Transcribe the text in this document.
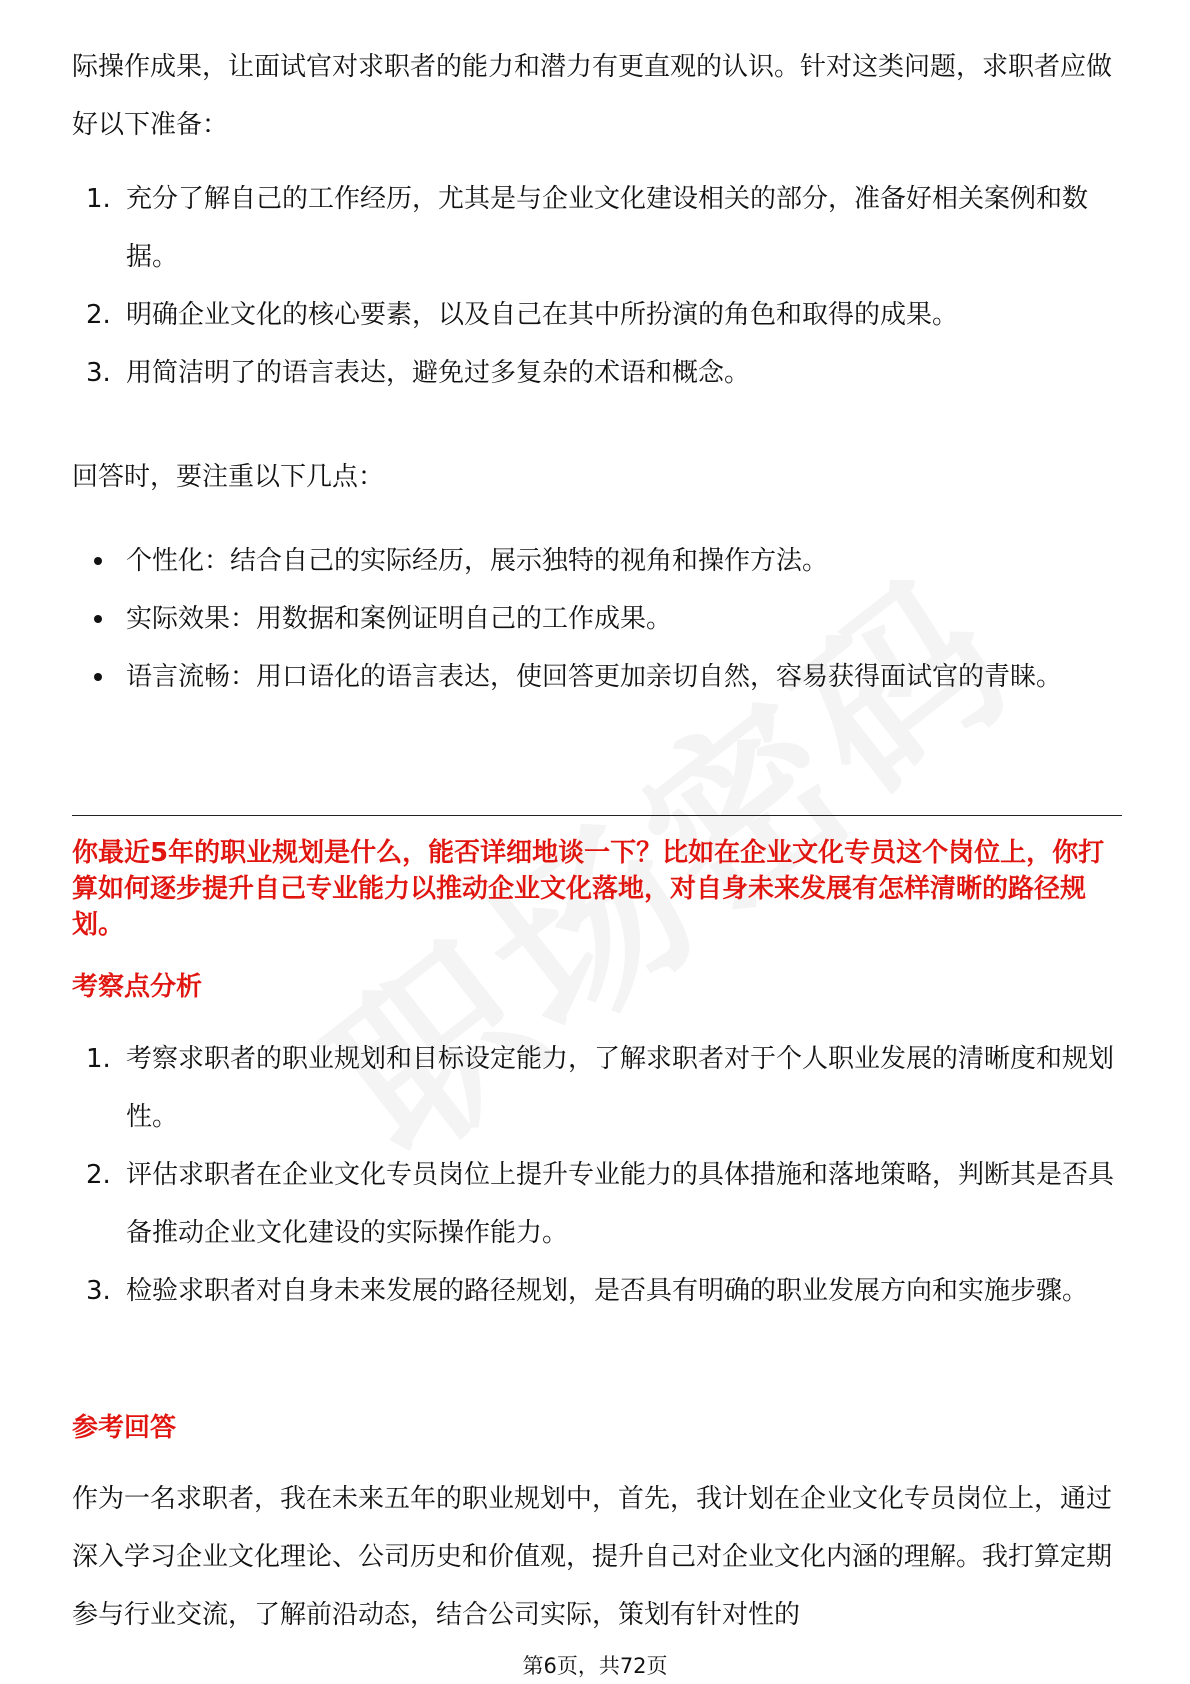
际操作成果，让面试官对求职者的能力和潜力有更直观的认识。针对这类问题，求职者应做好以下准备：

1. 充分了解自己的工作经历，尤其是与企业文化建设相关的部分，准备好相关案例和数据。
2. 明确企业文化的核心要素，以及自己在其中所扮演的角色和取得的成果。
3. 用简洁明了的语言表达，避免过多复杂的术语和概念。

回答时，要注重以下几点：

个性化：结合自己的实际经历，展示独特的视角和操作方法。
实际效果：用数据和案例证明自己的工作成果。
语言流畅：用口语化的语言表达，使回答更加亲切自然，容易获得面试官的青睐。

你最近5年的职业规划是什么，能否详细地谈一下？比如在企业文化专员这个岗位上，你打算如何逐步提升自己专业能力以推动企业文化落地，对自身未来发展有怎样清晰的路径规划。

考察点分析

1. 考察求职者的职业规划和目标设定能力，了解求职者对于个人职业发展的清晰度和规划性。
2. 评估求职者在企业文化专员岗位上提升专业能力的具体措施和落地策略，判断其是否具备推动企业文化建设的实际操作能力。
3. 检验求职者对自身未来发展的路径规划，是否具有明确的职业发展方向和实施步骤。

参考回答

作为一名求职者，我在未来五年的职业规划中，首先，我计划在企业文化专员岗位上，通过深入学习企业文化理论、公司历史和价值观，提升自己对企业文化内涵的理解。我打算定期参与行业交流，了解前沿动态，结合公司实际，策划有针对性的

第6页，共72页
